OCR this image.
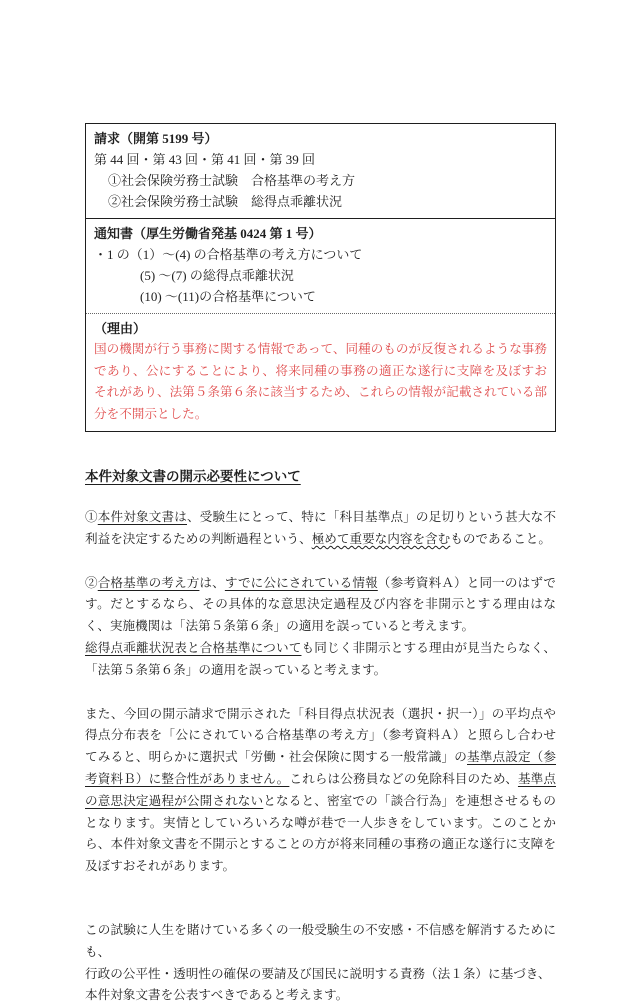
請求（開第 5199 号）
第 44 回・第 43 回・第 41 回・第 39 回
①社会保険労務士試験　合格基準の考え方
②社会保険労務士試験　総得点乖離状況
通知書（厚生労働省発基 0424 第 1 号）
・1 の（1）～(4) の合格基準の考え方について
(5) ～(7) の総得点乖離状況
(10) ～(11)の合格基準について
（理由）
国の機関が行う事務に関する情報であって、同種のものが反復されるような事務であり、公にすることにより、将来同種の事務の適正な遂行に支障を及ぼすおそれがあり、法第５条第６条に該当するため、これらの情報が記載されている部分を不開示とした。
本件対象文書の開示必要性について

①本件対象文書は、受験生にとって、特に「科目基準点」の足切りという甚大な不利益を決定するための判断過程という、極めて重要な内容を含むものであること。

②合格基準の考え方は、すでに公にされている情報（参考資料Ａ）と同一のはずです。だとするなら、その具体的な意思決定過程及び内容を非開示とする理由はなく、実施機関は「法第５条第６条」の適用を誤っていると考えます。
総得点乖離状況表と合格基準についても同じく非開示とする理由が見当たらなく、「法第５条第６条」の適用を誤っていると考えます。

また、今回の開示請求で開示された「科目得点状況表（選択・択一）」の平均点や得点分布表を「公にされている合格基準の考え方」（参考資料Ａ）と照らし合わせてみると、明らかに選択式「労働・社会保険に関する一般常識」の基準点設定（参考資料Ｂ）に整合性がありません。これらは公務員などの免除科目のため、基準点の意思決定過程が公開されないとなると、密室での「談合行為」を連想させるものとなります。実情としていろいろな噂が巷で一人歩きをしています。このことから、本件対象文書を不開示とすることの方が将来同種の事務の適正な遂行に支障を及ぼすおそれがあります。

この試験に人生を賭けている多くの一般受験生の不安感・不信感を解消するためにも、
行政の公平性・透明性の確保の要請及び国民に説明する責務（法１条）に基づき、
本件対象文書を公表すべきであると考えます。
